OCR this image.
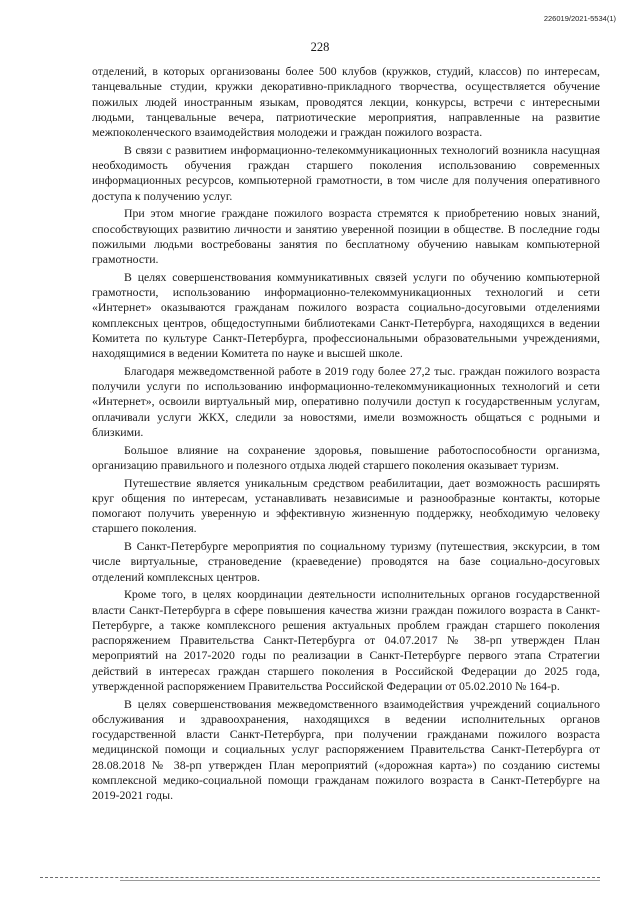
226019/2021-5534(1)
228

отделений, в которых организованы более 500 клубов (кружков, студий, классов) по интересам, танцевальные студии, кружки декоративно-прикладного творчества, осуществляется обучение пожилых людей иностранным языкам, проводятся лекции, конкурсы, встречи с интересными людьми, танцевальные вечера, патриотические мероприятия, направленные на развитие межпоколенческого взаимодействия молодежи и граждан пожилого возраста.

В связи с развитием информационно-телекоммуникационных технологий возникла насущная необходимость обучения граждан старшего поколения использованию современных информационных ресурсов, компьютерной грамотности, в том числе для получения оперативного доступа к получению услуг.

При этом многие граждане пожилого возраста стремятся к приобретению новых знаний, способствующих развитию личности и занятию уверенной позиции в обществе. В последние годы пожилыми людьми востребованы занятия по бесплатному обучению навыкам компьютерной грамотности.

В целях совершенствования коммуникативных связей услуги по обучению компьютерной грамотности, использованию информационно-телекоммуникационных технологий и сети «Интернет» оказываются гражданам пожилого возраста социально-досуговыми отделениями комплексных центров, общедоступными библиотеками Санкт-Петербурга, находящихся в ведении Комитета по культуре Санкт-Петербурга, профессиональными образовательными учреждениями, находящимися в ведении Комитета по науке и высшей школе.

Благодаря межведомственной работе в 2019 году более 27,2 тыс. граждан пожилого возраста получили услуги по использованию информационно-телекоммуникационных технологий и сети «Интернет», освоили виртуальный мир, оперативно получили доступ к государственным услугам, оплачивали услуги ЖКХ, следили за новостями, имели возможность общаться с родными и близкими.

Большое влияние на сохранение здоровья, повышение работоспособности организма, организацию правильного и полезного отдыха людей старшего поколения оказывает туризм.

Путешествие является уникальным средством реабилитации, дает возможность расширять круг общения по интересам, устанавливать независимые и разнообразные контакты, которые помогают получить уверенную и эффективную жизненную поддержку, необходимую человеку старшего поколения.

В Санкт-Петербурге мероприятия по социальному туризму (путешествия, экскурсии, в том числе виртуальные, страноведение (краеведение) проводятся на базе социально-досуговых отделений комплексных центров.

Кроме того, в целях координации деятельности исполнительных органов государственной власти Санкт-Петербурга в сфере повышения качества жизни граждан пожилого возраста в Санкт-Петербурге, а также комплексного решения актуальных проблем граждан старшего поколения распоряжением Правительства Санкт-Петербурга от 04.07.2017 № 38-рп утвержден План мероприятий на 2017-2020 годы по реализации в Санкт-Петербурге первого этапа Стратегии действий в интересах граждан старшего поколения в Российской Федерации до 2025 года, утвержденной распоряжением Правительства Российской Федерации от 05.02.2010 № 164-р.

В целях совершенствования межведомственного взаимодействия учреждений социального обслуживания и здравоохранения, находящихся в ведении исполнительных органов государственной власти Санкт-Петербурга, при получении гражданами пожилого возраста медицинской помощи и социальных услуг распоряжением Правительства Санкт-Петербурга от 28.08.2018 № 38-рп утвержден План мероприятий («дорожная карта») по созданию системы комплексной медико-социальной помощи гражданам пожилого возраста в Санкт-Петербурге на 2019-2021 годы.
